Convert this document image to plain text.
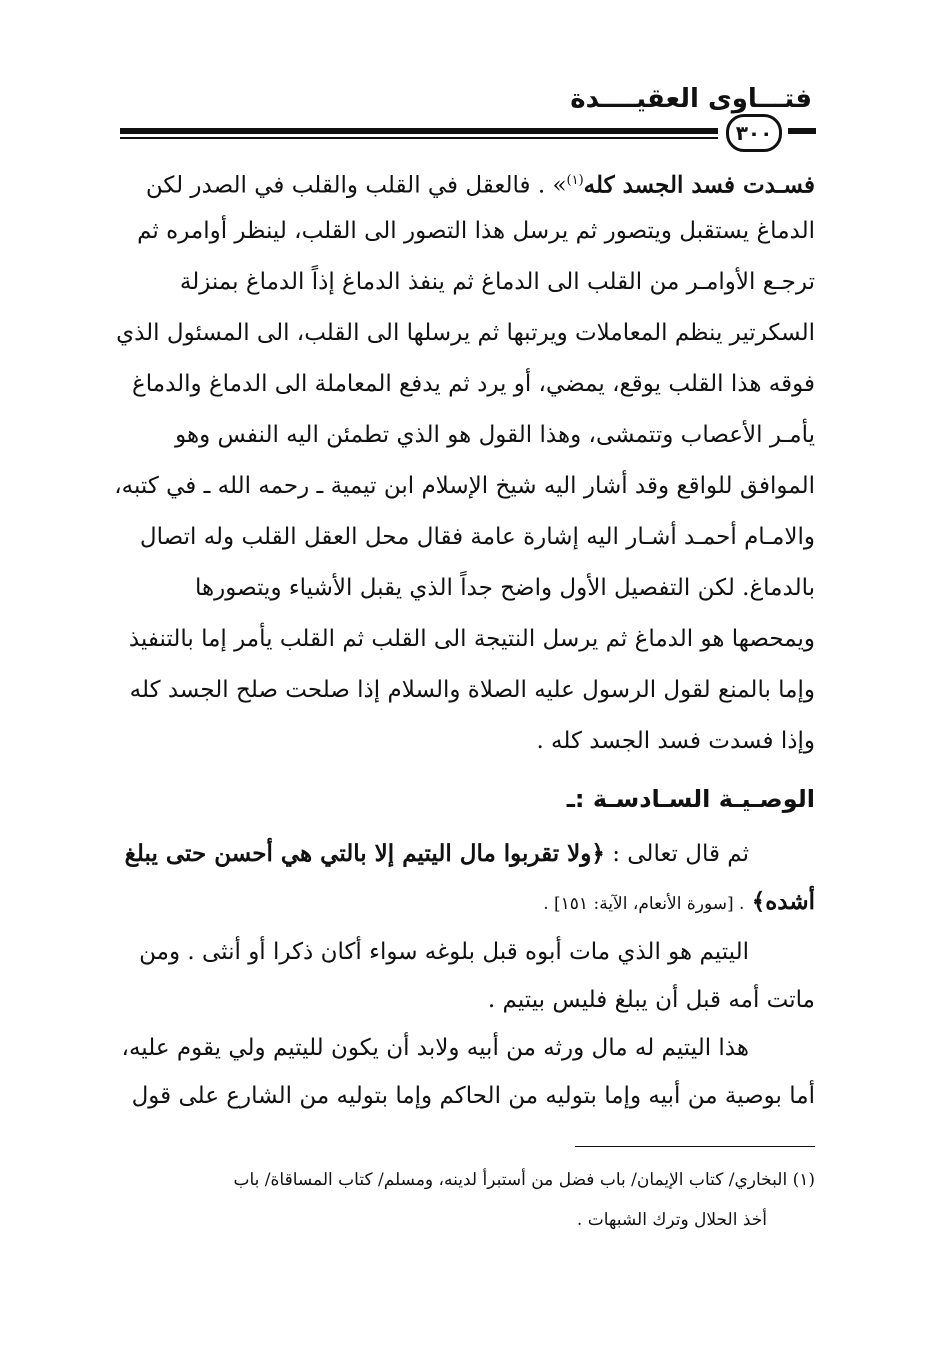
فتـــاوى العقيــــدة
٣٠٠
فسـدت فسد الجسد كله$^{(١)}$» . فالعقل في القلب والقلب في الصدر لكن
الدماغ يستقبل ويتصور ثم يرسل هذا التصور الى القلب، لينظر أوامره ثم
ترجـع الأوامـر من القلب الى الدماغ ثم ينفذ الدماغ إذاً الدماغ بمنزلة
السكرتير ينظم المعاملات ويرتبها ثم يرسلها الى القلب، الى المسئول الذي
فوقه هذا القلب يوقع، يمضي، أو يرد ثم يدفع المعاملة الى الدماغ والدماغ
يأمـر الأعصاب وتتمشى، وهذا القول هو الذي تطمئن اليه النفس وهو
الموافق للواقع وقد أشار اليه شيخ الإسلام ابن تيمية ـ رحمه الله ـ في كتبه،
والامـام أحمـد أشـار اليه إشارة عامة فقال محل العقل القلب وله اتصال
بالدماغ. لكن التفصيل الأول واضح جداً الذي يقبل الأشياء ويتصورها
ويمحصها هو الدماغ ثم يرسل النتيجة الى القلب ثم القلب يأمر إما بالتنفيذ
وإما بالمنع لقول الرسول عليه الصلاة والسلام إذا صلحت صلح الجسد كله
وإذا فسدت فسد الجسد كله .
الوصـيـة السـادسـة :ـ
ثم قال تعالى : ﴿ولا تقربوا مال اليتيم إلا بالتي هي أحسن حتى يبلغ
أشده﴾ . [سورة الأنعام، الآية: ١٥١] .
اليتيم هو الذي مات أبوه قبل بلوغه سواء أكان ذكرا أو أنثى . ومن
ماتت أمه قبل أن يبلغ فليس بيتيم .
هذا اليتيم له مال ورثه من أبيه ولابد أن يكون لليتيم ولي يقوم عليه،
أما بوصية من أبيه وإما بتوليه من الحاكم وإما بتوليه من الشارع على قول
(١) البخاري/ كتاب الإيمان/ باب فضل من أستبرأ لدينه، ومسلم/ كتاب المساقاة/ باب
أخذ الحلال وترك الشبهات .
